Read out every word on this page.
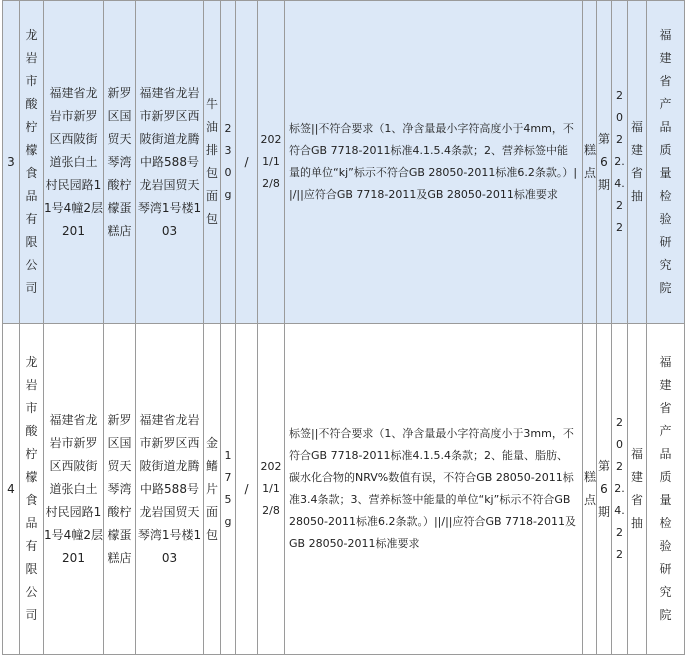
3	龙岩市酸柠檬食品有限公司	福建省龙岩市新罗区西陂街道张白土村民园路11号4幢2层201	新罗区国贸天琴湾酸柠檬蛋糕店	福建省龙岩市新罗区西陂街道龙腾中路588号龙岩国贸天琴湾1号楼103	牛油排包面包	230g	/	2021/12/8	标签||不符合要求（1、净含量最小字符高度小于4mm，不符合GB 7718-2011标准4.1.5.4条款；2、营养标签中能量的单位“kj”标示不符合GB 28050-2011标准6.2条款。）||/||应符合GB 7718-2011及GB 28050-2011标准要求	糕点	第6期	2022.4.22	福建省抽	福建省产品质量检验研究院
4	龙岩市酸柠檬食品有限公司	福建省龙岩市新罗区西陂街道张白土村民园路11号4幢2层201	新罗区国贸天琴湾酸柠檬蛋糕店	福建省龙岩市新罗区西陂街道龙腾中路588号龙岩国贸天琴湾1号楼103	金鳍片面包	175g	/	2021/12/8	标签||不符合要求（1、净含量最小字符高度小于3mm，不符合GB 7718-2011标准4.1.5.4条款；2、能量、脂肪、碳水化合物的NRV%数值有误，不符合GB 28050-2011标准3.4条款；3、营养标签中能量的单位“kj”标示不符合GB 28050-2011标准6.2条款。）||/||应符合GB 7718-2011及GB 28050-2011标准要求	糕点	第6期	2022.4.22	福建省抽	福建省产品质量检验研究院
